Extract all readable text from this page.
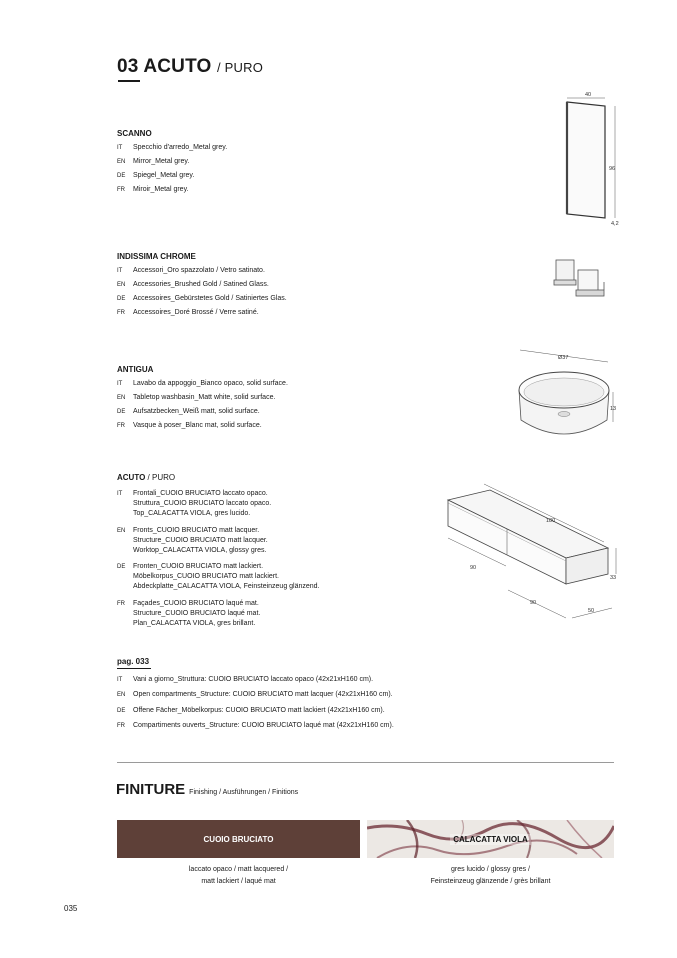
03 ACUTO / PURO
SCANNO
IT Specchio d'arredo_Metal grey.
EN Mirror_Metal grey.
DE Spiegel_Metal grey.
FR Miroir_Metal grey.
40
96
4,2
INDISSIMA CHROME
IT Accessori_Oro spazzolato / Vetro satinato.
EN Accessories_Brushed Gold / Satined Glass.
DE Accessoires_Gebürstetes Gold / Satiniertes Glas.
FR Accessoires_Doré Brossé / Verre satiné.
ANTIGUA
IT Lavabo da appoggio_Bianco opaco, solid surface.
EN Tabletop washbasin_Matt white, solid surface.
DE Aufsatzbecken_Weiß matt, solid surface.
FR Vasque à poser_Blanc mat, solid surface.
Ø37
13
ACUTO / PURO
IT Frontali_CUOIO BRUCIATO laccato opaco.
Struttura_CUOIO BRUCIATO laccato opaco.
Top_CALACATTA VIOLA, gres lucido.
EN Fronts_CUOIO BRUCIATO matt lacquer.
Structure_CUOIO BRUCIATO matt lacquer.
Worktop_CALACATTA VIOLA, glossy gres.
DE Fronten_CUOIO BRUCIATO matt lackiert.
Möbelkorpus_CUOIO BRUCIATO matt lackiert.
Abdeckplatte_CALACATTA VIOLA, Feinsteinzeug glänzend.
FR Façades_CUOIO BRUCIATO laqué mat.
Structure_CUOIO BRUCIATO laqué mat.
Plan_CALACATTA VIOLA, gres brillant.
180
90
90
33
50
pag. 033
IT Vani a giorno_Struttura: CUOIO BRUCIATO laccato opaco (42x21xH160 cm).
EN Open compartments_Structure: CUOIO BRUCIATO matt lacquer (42x21xH160 cm).
DE Offene Fächer_Möbelkorpus: CUOIO BRUCIATO matt lackiert (42x21xH160 cm).
FR Compartiments ouverts_Structure: CUOIO BRUCIATO laqué mat (42x21xH160 cm).
FINITURE Finishing / Ausführungen / Finitions
CUOIO BRUCIATO	CALACATTA VIOLA
laccato opaco / matt lacquered /
matt lackiert / laqué mat
gres lucido / glossy gres /
Feinsteinzeug glänzende / grès brillant
035
